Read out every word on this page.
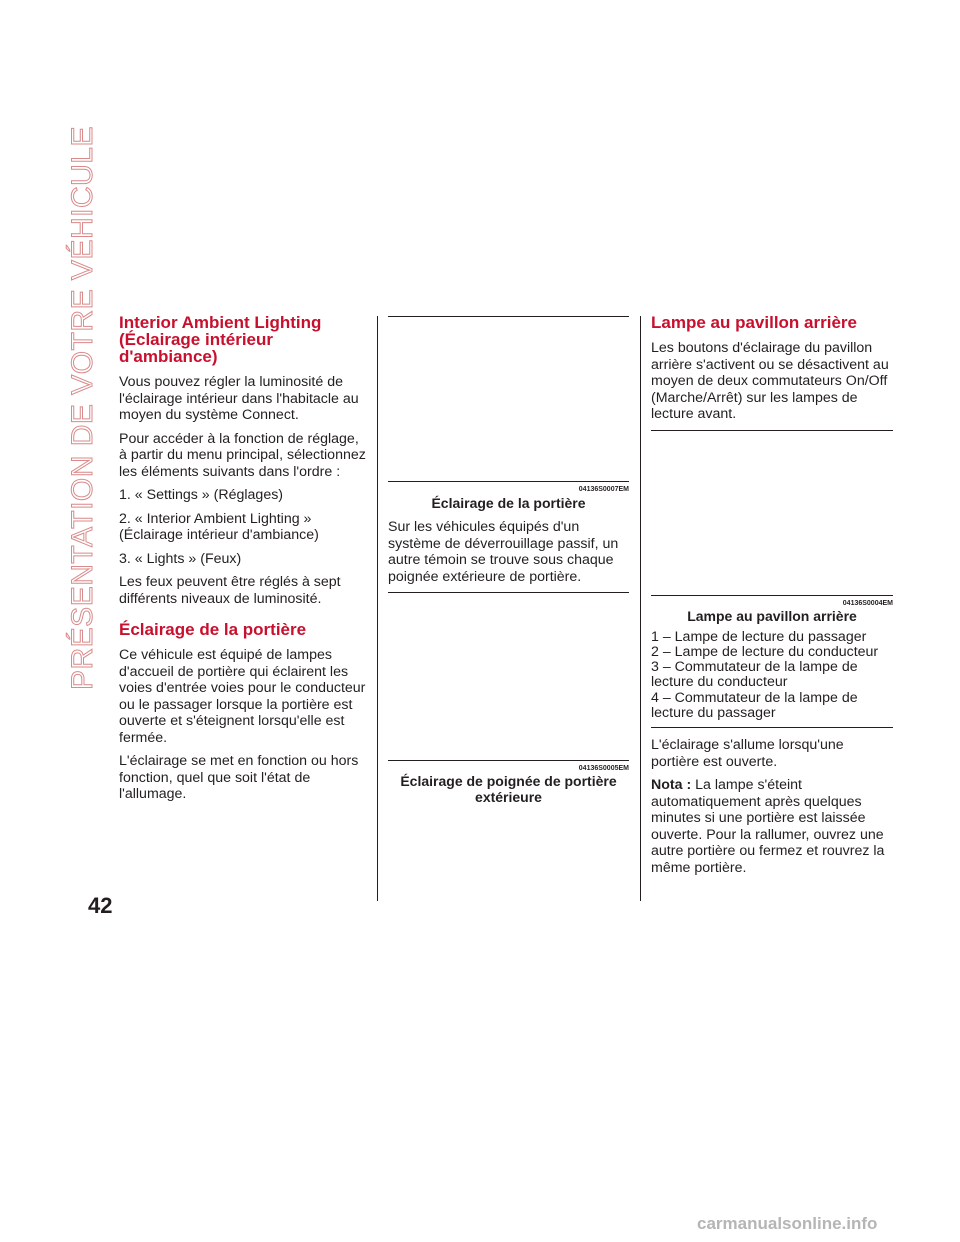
PRÉSENTATION DE VOTRE VÉHICULE
42
Interior Ambient Lighting
(Éclairage intérieur
d'ambiance)

Vous pouvez régler la luminosité de l'éclairage intérieur dans l'habitacle au moyen du système Connect.

Pour accéder à la fonction de réglage, à partir du menu principal, sélectionnez les éléments suivants dans l'ordre :

1. « Settings » (Réglages)

2. « Interior Ambient Lighting » (Éclairage intérieur d'ambiance)

3. « Lights » (Feux)

Les feux peuvent être réglés à sept différents niveaux de luminosité.

Éclairage de la portière

Ce véhicule est équipé de lampes d'accueil de portière qui éclairent les voies d'entrée voies pour le conducteur ou le passager lorsque la portière est ouverte et s'éteignent lorsqu'elle est fermée.

L'éclairage se met en fonction ou hors fonction, quel que soit l'état de l'allumage.

04136S0007EM
Éclairage de la portière

Sur les véhicules équipés d'un système de déverrouillage passif, un autre témoin se trouve sous chaque poignée extérieure de portière.

04136S0005EM
Éclairage de poignée de portière
extérieure
Lampe au pavillon arrière

Les boutons d'éclairage du pavillon arrière s'activent ou se désactivent au moyen de deux commutateurs On/Off (Marche/Arrêt) sur les lampes de lecture avant.

04136S0004EM
Lampe au pavillon arrière
1 – Lampe de lecture du passager
2 – Lampe de lecture du conducteur
3 – Commutateur de la lampe de
lecture du conducteur
4 – Commutateur de la lampe de
lecture du passager

L'éclairage s'allume lorsqu'une portière est ouverte.

Nota : La lampe s'éteint automatiquement après quelques minutes si une portière est laissée ouverte. Pour la rallumer, ouvrez une autre portière ou fermez et rouvrez la même portière.

carmanualsonline.info
